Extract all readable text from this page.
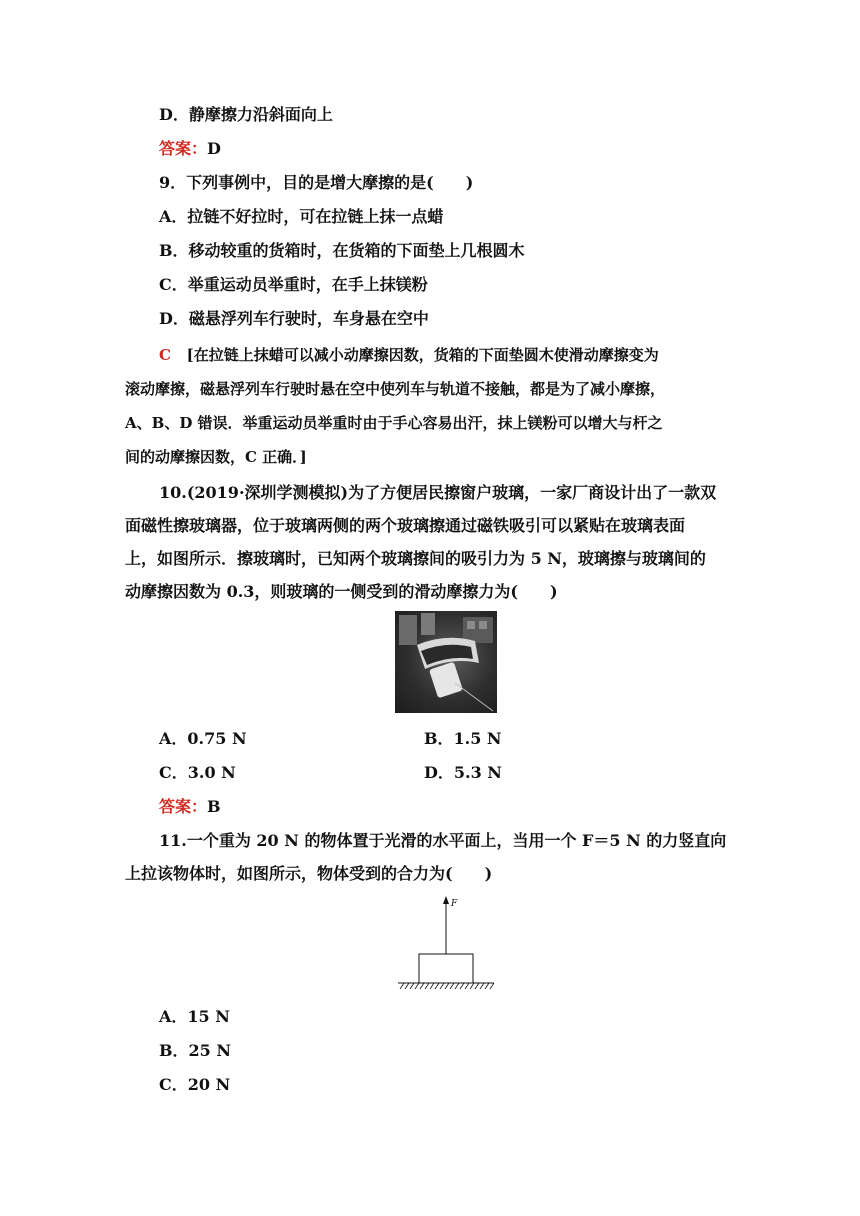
D．静摩擦力沿斜面向上
答案：D
9．下列事例中，目的是增大摩擦的是(　　)
A．拉链不好拉时，可在拉链上抹一点蜡
B．移动较重的货箱时，在货箱的下面垫上几根圆木
C．举重运动员举重时，在手上抹镁粉
D．磁悬浮列车行驶时，车身悬在空中
C [在拉链上抹蜡可以减小动摩擦因数，货箱的下面垫圆木使滑动摩擦变为
滚动摩擦，磁悬浮列车行驶时悬在空中使列车与轨道不接触，都是为了减小摩擦，
A、B、D 错误．举重运动员举重时由于手心容易出汗，抹上镁粉可以增大与杆之
间的动摩擦因数，C 正确．]
10.(2019·深圳学测模拟)为了方便居民擦窗户玻璃，一家厂商设计出了一款双
面磁性擦玻璃器，位于玻璃两侧的两个玻璃擦通过磁铁吸引可以紧贴在玻璃表面
上，如图所示．擦玻璃时，已知两个玻璃擦间的吸引力为 5 N，玻璃擦与玻璃间的
动摩擦因数为 0.3，则玻璃的一侧受到的滑动摩擦力为(　　)
A．0.75 N	B．1.5 N
C．3.0 N	D．5.3 N
答案：B
11.一个重为 20 N 的物体置于光滑的水平面上，当用一个 F＝5 N 的力竖直向
上拉该物体时，如图所示，物体受到的合力为(　　)
F
A．15 N
B．25 N
C．20 N
